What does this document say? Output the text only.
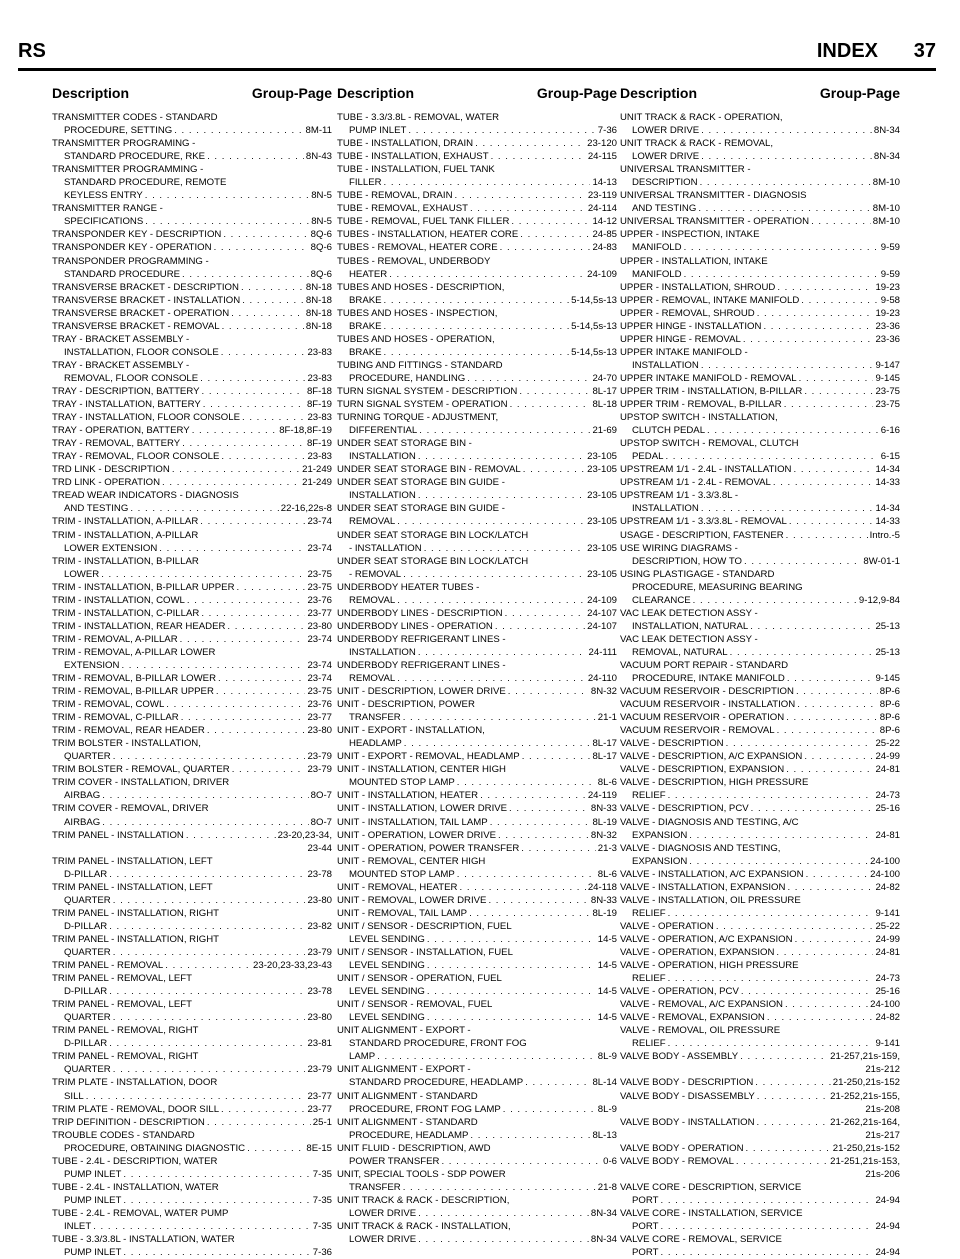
RS	INDEX 37
Description	Group-Page Description	Group-Page Description	Group-Page
TRANSMITTER CODES - STANDARD
PROCEDURE, SETTING . . .	8M-11
TRANSMITTER PROGRAMING -
STANDARD PROCEDURE, RKE . . .	8N-43
TRANSMITTER PROGRAMMING -
STANDARD PROCEDURE, REMOTE
KEYLESS ENTRY . . .	8N-5
TRANSMITTER RANGE -
SPECIFICATIONS . . .	8N-5
TRANSPONDER KEY - DESCRIPTION . . .	8Q-6
TRANSPONDER KEY - OPERATION . . .	8Q-6
TRANSPONDER PROGRAMMING -
STANDARD PROCEDURE . . .	8Q-6
TRANSVERSE BRACKET - DESCRIPTION . . .	8N-18
TRANSVERSE BRACKET - INSTALLATION . . .	8N-18
TRANSVERSE BRACKET - OPERATION . . .	8N-18
TRANSVERSE BRACKET - REMOVAL . . .	8N-18
TRAY - BRACKET ASSEMBLY -
INSTALLATION, FLOOR CONSOLE . . .	23-83
TRAY - BRACKET ASSEMBLY -
REMOVAL, FLOOR CONSOLE . . .	23-83
TRAY - DESCRIPTION, BATTERY . . .	8F-18
TRAY - INSTALLATION, BATTERY . . .	8F-19
TRAY - INSTALLATION, FLOOR CONSOLE . . .	23-83
TRAY - OPERATION, BATTERY . . .	8F-18,8F-19
TRAY - REMOVAL, BATTERY . . .	8F-19
TRAY - REMOVAL, FLOOR CONSOLE . . .	23-83
TRD LINK - DESCRIPTION . . .	21-249
TRD LINK - OPERATION . . .	21-249
TREAD WEAR INDICATORS - DIAGNOSIS
AND TESTING . . .	22-16,22s-8
TRIM - INSTALLATION, A-PILLAR . . .	23-74
TRIM - INSTALLATION, A-PILLAR
LOWER EXTENSION . . .	23-74
TRIM - INSTALLATION, B-PILLAR
LOWER . . .	23-75
TRIM - INSTALLATION, B-PILLAR UPPER . . .	23-75
TRIM - INSTALLATION, COWL . . .	23-76
TRIM - INSTALLATION, C-PILLAR . . .	23-77
TRIM - INSTALLATION, REAR HEADER . . .	23-80
TRIM - REMOVAL, A-PILLAR . . .	23-74
TRIM - REMOVAL, A-PILLAR LOWER
EXTENSION . . .	23-74
TRIM - REMOVAL, B-PILLAR LOWER . . .	23-74
TRIM - REMOVAL, B-PILLAR UPPER . . .	23-75
TRIM - REMOVAL, COWL . . .	23-76
TRIM - REMOVAL, C-PILLAR . . .	23-77
TRIM - REMOVAL, REAR HEADER . . .	23-80
TRIM BOLSTER - INSTALLATION,
QUARTER . . .	23-79
TRIM BOLSTER - REMOVAL, QUARTER . . .	23-79
TRIM COVER - INSTALLATION, DRIVER
AIRBAG . . .	8O-7
TRIM COVER - REMOVAL, DRIVER
AIRBAG . . .	8O-7
TRIM PANEL - INSTALLATION . . .	23-20,23-34,
23-44
TRIM PANEL - INSTALLATION, LEFT
D-PILLAR . . .	23-78
TRIM PANEL - INSTALLATION, LEFT
QUARTER . . .	23-80
TRIM PANEL - INSTALLATION, RIGHT
D-PILLAR . . .	23-82
TRIM PANEL - INSTALLATION, RIGHT
QUARTER . . .	23-79
TRIM PANEL - REMOVAL . . .	23-20,23-33,23-43
TRIM PANEL - REMOVAL, LEFT
D-PILLAR . . .	23-78
TRIM PANEL - REMOVAL, LEFT
QUARTER . . .	23-80
TRIM PANEL - REMOVAL, RIGHT
D-PILLAR . . .	23-81
TRIM PANEL - REMOVAL, RIGHT
QUARTER . . .	23-79
TRIM PLATE - INSTALLATION, DOOR
SILL . . .	23-77
TRIM PLATE - REMOVAL, DOOR SILL . . .	23-77
TRIP DEFINITION - DESCRIPTION . . .	25-1
TROUBLE CODES - STANDARD
PROCEDURE, OBTAINING DIAGNOSTIC . . .	8E-15
TUBE - 2.4L - DESCRIPTION, WATER
PUMP INLET . . .	7-35
TUBE - 2.4L - INSTALLATION, WATER
PUMP INLET . . .	7-35
TUBE - 2.4L - REMOVAL, WATER PUMP
INLET . . .	7-35
TUBE - 3.3/3.8L - INSTALLATION, WATER
PUMP INLET . . .	7-36
TUBE - 3.3/3.8L - REMOVAL, WATER
PUMP INLET . . .	7-36
TUBE - INSTALLATION, DRAIN . . .	23-120
TUBE - INSTALLATION, EXHAUST . . .	24-115
TUBE - INSTALLATION, FUEL TANK
FILLER . . .	14-13
TUBE - REMOVAL, DRAIN . . .	23-119
TUBE - REMOVAL, EXHAUST . . .	24-114
TUBE - REMOVAL, FUEL TANK FILLER . . .	14-12
TUBES - INSTALLATION, HEATER CORE . . .	24-85
TUBES - REMOVAL, HEATER CORE . . .	24-83
TUBES - REMOVAL, UNDERBODY
HEATER . . .	24-109
TUBES AND HOSES - DESCRIPTION,
BRAKE . . .	5-14,5s-13
TUBES AND HOSES - INSPECTION,
BRAKE . . .	5-14,5s-13
TUBES AND HOSES - OPERATION,
BRAKE . . .	5-14,5s-13
TUBING AND FITTINGS - STANDARD
PROCEDURE, HANDLING . . .	24-70
TURN SIGNAL SYSTEM - DESCRIPTION . . .	8L-17
TURN SIGNAL SYSTEM - OPERATION . . .	8L-18
TURNING TORQUE - ADJUSTMENT,
DIFFERENTIAL . . .	21-69
UNDER SEAT STORAGE BIN -
INSTALLATION . . .	23-105
UNDER SEAT STORAGE BIN - REMOVAL . . .	23-105
UNDER SEAT STORAGE BIN GUIDE -
INSTALLATION . . .	23-105
UNDER SEAT STORAGE BIN GUIDE -
REMOVAL . . .	23-105
UNDER SEAT STORAGE BIN LOCK/LATCH
- INSTALLATION . . .	23-105
UNDER SEAT STORAGE BIN LOCK/LATCH
- REMOVAL . . .	23-105
UNDERBODY HEATER TUBES -
REMOVAL . . .	24-109
UNDERBODY LINES - DESCRIPTION . . .	24-107
UNDERBODY LINES - OPERATION . . .	24-107
UNDERBODY REFRIGERANT LINES -
INSTALLATION . . .	24-111
UNDERBODY REFRIGERANT LINES -
REMOVAL . . .	24-110
UNIT - DESCRIPTION, LOWER DRIVE . . .	8N-32
UNIT - DESCRIPTION, POWER
TRANSFER . . .	21-1
UNIT - EXPORT - INSTALLATION,
HEADLAMP . . .	8L-17
UNIT - EXPORT - REMOVAL, HEADLAMP . . .	8L-17
UNIT - INSTALLATION, CENTER HIGH
MOUNTED STOP LAMP . . .	8L-6
UNIT - INSTALLATION, HEATER . . .	24-119
UNIT - INSTALLATION, LOWER DRIVE . . .	8N-33
UNIT - INSTALLATION, TAIL LAMP . . .	8L-19
UNIT - OPERATION, LOWER DRIVE . . .	8N-32
UNIT - OPERATION, POWER TRANSFER . . .	21-3
UNIT - REMOVAL, CENTER HIGH
MOUNTED STOP LAMP . . .	8L-6
UNIT - REMOVAL, HEATER . . .	24-118
UNIT - REMOVAL, LOWER DRIVE . . .	8N-33
UNIT - REMOVAL, TAIL LAMP . . .	8L-19
UNIT / SENSOR - DESCRIPTION, FUEL
LEVEL SENDING . . .	14-5
UNIT / SENSOR - INSTALLATION, FUEL
LEVEL SENDING . . .	14-5
UNIT / SENSOR - OPERATION, FUEL
LEVEL SENDING . . .	14-5
UNIT / SENSOR - REMOVAL, FUEL
LEVEL SENDING . . .	14-5
UNIT ALIGNMENT - EXPORT -
STANDARD PROCEDURE, FRONT FOG
LAMP . . .	8L-9
UNIT ALIGNMENT - EXPORT -
STANDARD PROCEDURE, HEADLAMP . . .	8L-14
UNIT ALIGNMENT - STANDARD
PROCEDURE, FRONT FOG LAMP . . .	8L-9
UNIT ALIGNMENT - STANDARD
PROCEDURE, HEADLAMP . . .	8L-13
UNIT FLUID - DESCRIPTION, AWD
POWER TRANSFER . . .	0-6
UNIT, SPECIAL TOOLS - SDP POWER
TRANSFER . . .	21-8
UNIT TRACK & RACK - DESCRIPTION,
LOWER DRIVE . . .	8N-34
UNIT TRACK & RACK - INSTALLATION,
LOWER DRIVE . . .	8N-34
UNIT TRACK & RACK - OPERATION,
LOWER DRIVE . . .	8N-34
UNIT TRACK & RACK - REMOVAL,
LOWER DRIVE . . .	8N-34
UNIVERSAL TRANSMITTER -
DESCRIPTION . . .	8M-10
UNIVERSAL TRANSMITTER - DIAGNOSIS
AND TESTING . . .	8M-10
UNIVERSAL TRANSMITTER - OPERATION . . .	8M-10
UPPER - INSPECTION, INTAKE
MANIFOLD . . .	9-59
UPPER - INSTALLATION, INTAKE
MANIFOLD . . .	9-59
UPPER - INSTALLATION, SHROUD . . .	19-23
UPPER - REMOVAL, INTAKE MANIFOLD . . .	9-58
UPPER - REMOVAL, SHROUD . . .	19-23
UPPER HINGE - INSTALLATION . . .	23-36
UPPER HINGE - REMOVAL . . .	23-36
UPPER INTAKE MANIFOLD -
INSTALLATION . . .	9-147
UPPER INTAKE MANIFOLD - REMOVAL . . .	9-145
UPPER TRIM - INSTALLATION, B-PILLAR . . .	23-75
UPPER TRIM - REMOVAL, B-PILLAR . . .	23-75
UPSTOP SWITCH - INSTALLATION,
CLUTCH PEDAL . . .	6-16
UPSTOP SWITCH - REMOVAL, CLUTCH
PEDAL . . .	6-15
UPSTREAM 1/1 - 2.4L - INSTALLATION . . .	14-34
UPSTREAM 1/1 - 2.4L - REMOVAL . . .	14-33
UPSTREAM 1/1 - 3.3/3.8L -
INSTALLATION . . .	14-34
UPSTREAM 1/1 - 3.3/3.8L - REMOVAL . . .	14-33
USAGE - DESCRIPTION, FASTENER . . .	Intro.-5
USE WIRING DIAGRAMS -
DESCRIPTION, HOW TO . . .	8W-01-1
USING PLASTIGAGE - STANDARD
PROCEDURE, MEASURING BEARING
CLEARANCE . . .	9-12,9-84
VAC LEAK DETECTION ASSY -
INSTALLATION, NATURAL . . .	25-13
VAC LEAK DETECTION ASSY -
REMOVAL, NATURAL . . .	25-13
VACUUM PORT REPAIR - STANDARD
PROCEDURE, INTAKE MANIFOLD . . .	9-145
VACUUM RESERVOIR - DESCRIPTION . . .	8P-6
VACUUM RESERVOIR - INSTALLATION . . .	8P-6
VACUUM RESERVOIR - OPERATION . . .	8P-6
VACUUM RESERVOIR - REMOVAL . . .	8P-6
VALVE - DESCRIPTION . . .	25-22
VALVE - DESCRIPTION, A/C EXPANSION . . .	24-99
VALVE - DESCRIPTION, EXPANSION . . .	24-81
VALVE - DESCRIPTION, HIGH PRESSURE
RELIEF . . .	24-73
VALVE - DESCRIPTION, PCV . . .	25-16
VALVE - DIAGNOSIS AND TESTING, A/C
EXPANSION . . .	24-81
VALVE - DIAGNOSIS AND TESTING,
EXPANSION . . .	24-100
VALVE - INSTALLATION, A/C EXPANSION . . .	24-100
VALVE - INSTALLATION, EXPANSION . . .	24-82
VALVE - INSTALLATION, OIL PRESSURE
RELIEF . . .	9-141
VALVE - OPERATION . . .	25-22
VALVE - OPERATION, A/C EXPANSION . . .	24-99
VALVE - OPERATION, EXPANSION . . .	24-81
VALVE - OPERATION, HIGH PRESSURE
RELIEF . . .	24-73
VALVE - OPERATION, PCV . . .	25-16
VALVE - REMOVAL, A/C EXPANSION . . .	24-100
VALVE - REMOVAL, EXPANSION . . .	24-82
VALVE - REMOVAL, OIL PRESSURE
RELIEF . . .	9-141
VALVE BODY - ASSEMBLY . . .	21-257,21s-159,
21s-212
VALVE BODY - DESCRIPTION . . .	21-250,21s-152
VALVE BODY - DISASSEMBLY . . .	21-252,21s-155,
21s-208
VALVE BODY - INSTALLATION . . .	21-262,21s-164,
21s-217
VALVE BODY - OPERATION . . .	21-250,21s-152
VALVE BODY - REMOVAL . . .	21-251,21s-153,
21s-206
VALVE CORE - DESCRIPTION, SERVICE
PORT . . .	24-94
VALVE CORE - INSTALLATION, SERVICE
PORT . . .	24-94
VALVE CORE - REMOVAL, SERVICE
PORT . . .	24-94
